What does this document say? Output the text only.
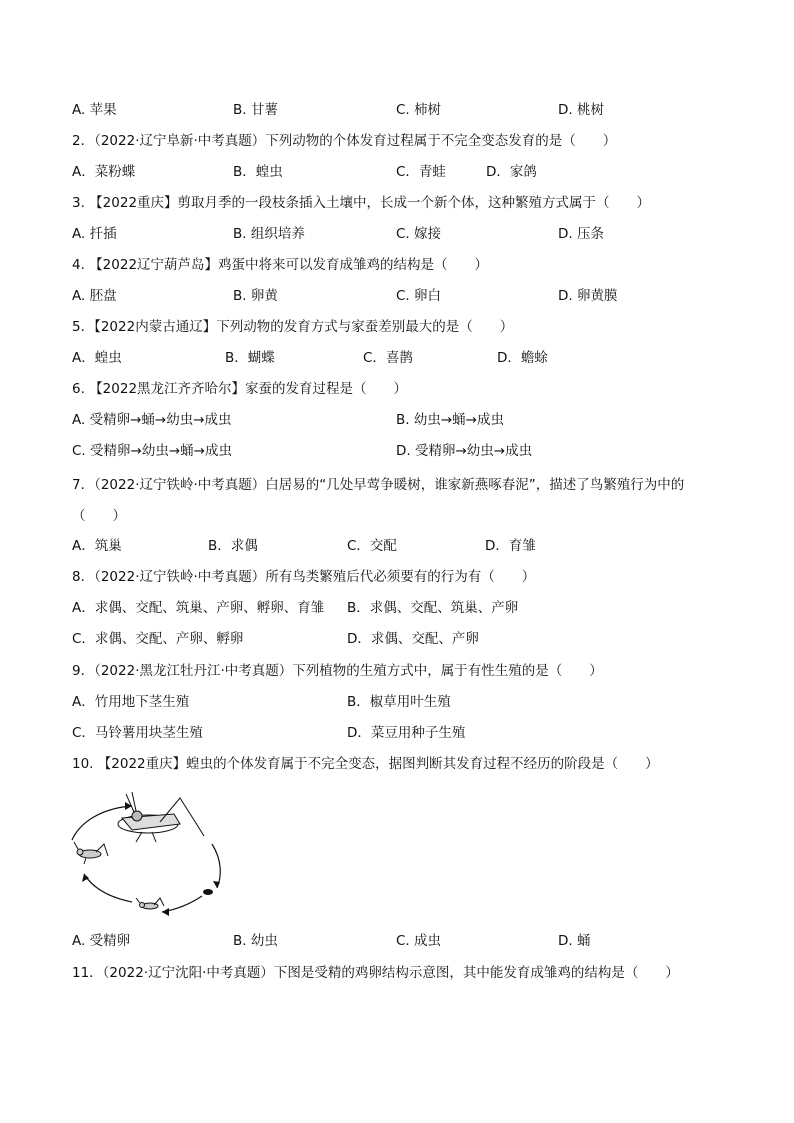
A. 苹果	B. 甘薯	C. 柿树	D. 桃树
2．（2022·辽宁阜新·中考真题）下列动物的个体发育过程属于不完全变态发育的是（　　）
A．菜粉蝶	B．蝗虫	C．青蛙	D．家鸽
3. 【2022重庆】剪取月季的一段枝条插入土壤中，长成一个新个体，这种繁殖方式属于（　　）
A. 扦插	B. 组织培养	C. 嫁接	D. 压条
4. 【2022辽宁葫芦岛】鸡蛋中将来可以发育成雏鸡的结构是（　　）
A. 胚盘	B. 卵黄	C. 卵白	D. 卵黄膜
5．【2022内蒙古通辽】下列动物的发育方式与家蚕差别最大的是（　　）
A．蝗虫	B．蝴蝶	C．喜鹊	D．蟾蜍
6. 【2022黑龙江齐齐哈尔】家蚕的发育过程是（　　）
A. 受精卵→蛹→幼虫→成虫	B. 幼虫→蛹→成虫
C. 受精卵→幼虫→蛹→成虫	D. 受精卵→幼虫→成虫
7．（2022·辽宁铁岭·中考真题）白居易的“几处早莺争暖树，谁家新燕啄春泥”，描述了鸟繁殖行为中的
（　　）
A．筑巢	B．求偶	C．交配	D．育雏
8．（2022·辽宁铁岭·中考真题）所有鸟类繁殖后代必须要有的行为有（　　）
A．求偶、交配、筑巢、产卵、孵卵、育雏 B．求偶、交配、筑巢、产卵
C．求偶、交配、产卵、孵卵	D．求偶、交配、产卵
9．（2022·黑龙江牡丹江·中考真题）下列植物的生殖方式中，属于有性生殖的是（　　）
A．竹用地下茎生殖	B．椒草用叶生殖
C．马铃薯用块茎生殖	D．菜豆用种子生殖
10. 【2022重庆】蝗虫的个体发育属于不完全变态，据图判断其发育过程不经历的阶段是（　　）
A. 受精卵	B. 幼虫	C. 成虫	D. 蛹
11．（2022·辽宁沈阳·中考真题）下图是受精的鸡卵结构示意图，其中能发育成雏鸡的结构是（　　）
